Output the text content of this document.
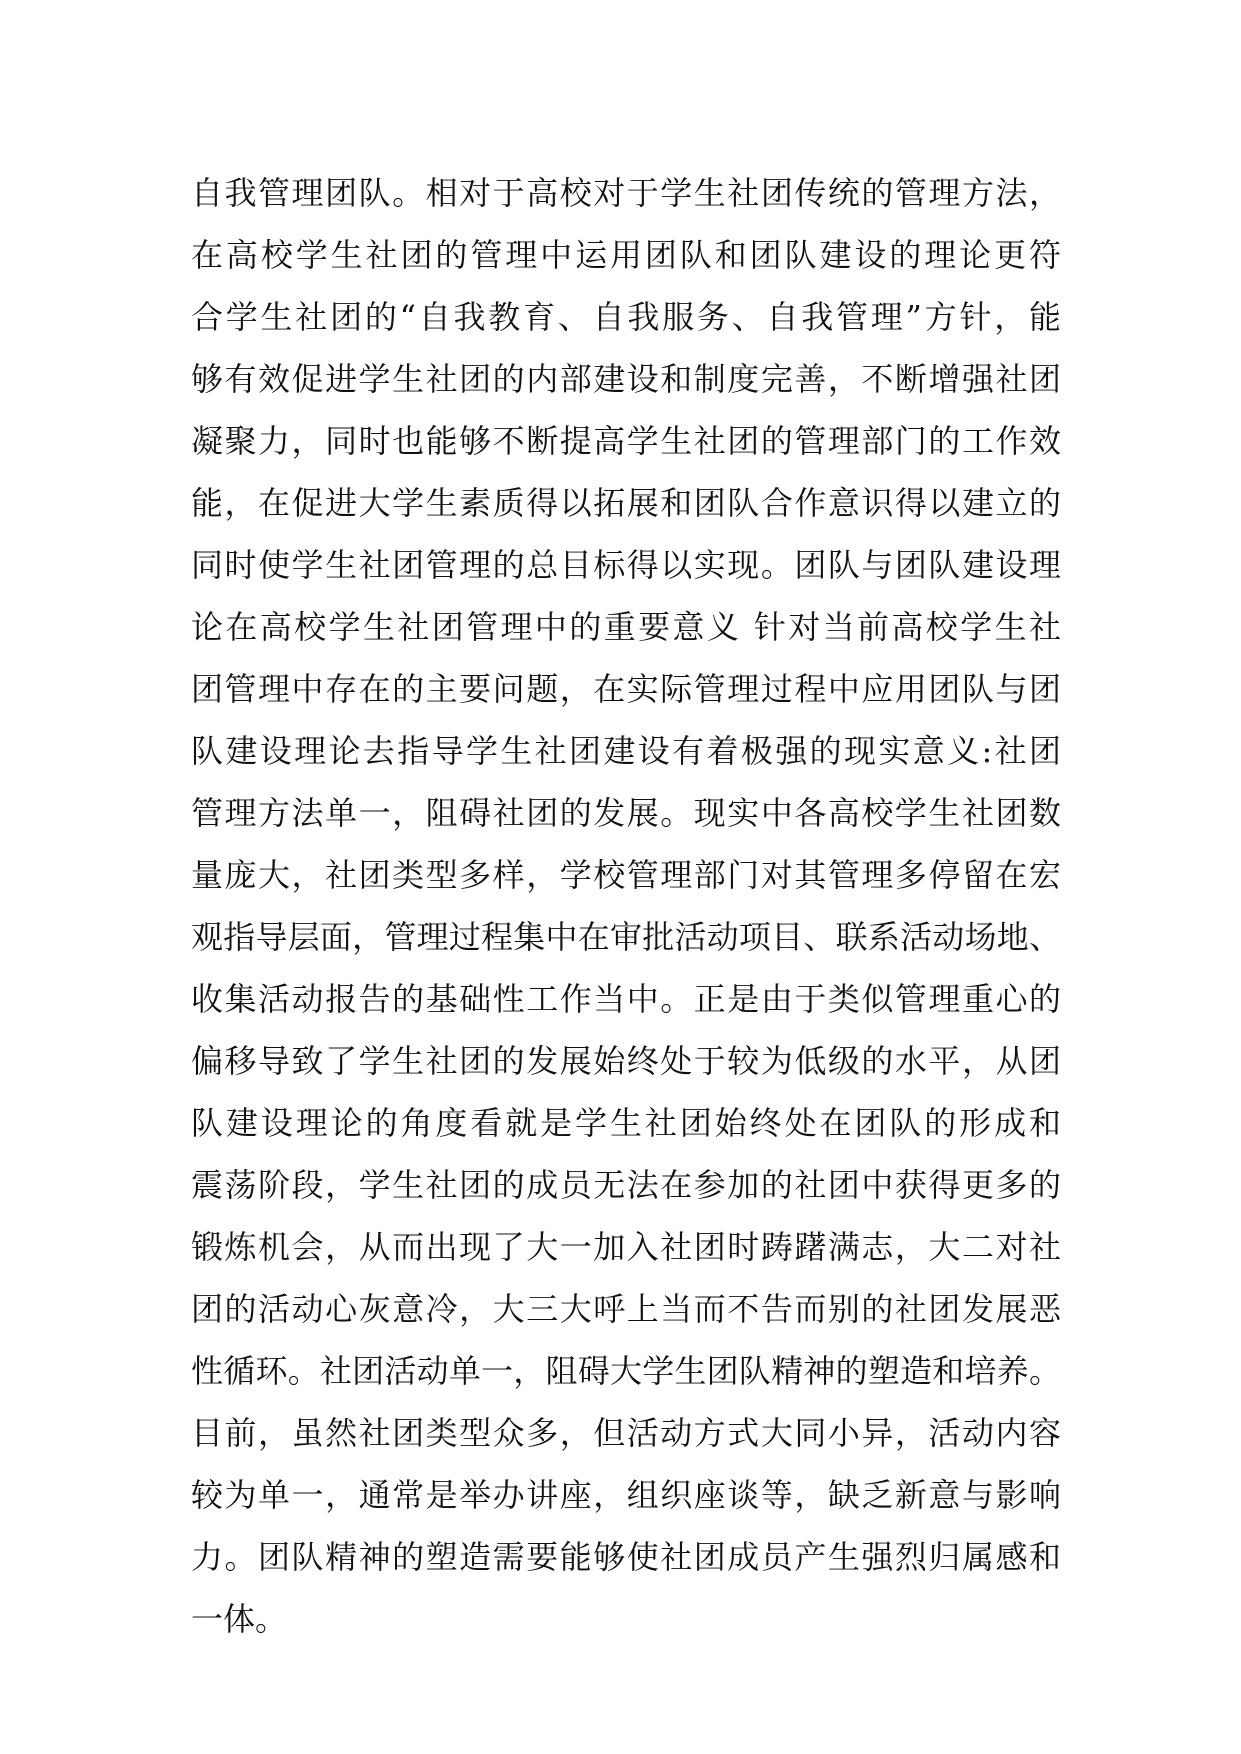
自我管理团队。相对于高校对于学生社团传统的管理方法，
在高校学生社团的管理中运用团队和团队建设的理论更符
合学生社团的“自我教育、自我服务、自我管理”方针，能
够有效促进学生社团的内部建设和制度完善，不断增强社团
凝聚力，同时也能够不断提高学生社团的管理部门的工作效
能，在促进大学生素质得以拓展和团队合作意识得以建立的
同时使学生社团管理的总目标得以实现。团队与团队建设理
论在高校学生社团管理中的重要意义 针对当前高校学生社
团管理中存在的主要问题，在实际管理过程中应用团队与团
队建设理论去指导学生社团建设有着极强的现实意义:社团
管理方法单一，阻碍社团的发展。现实中各高校学生社团数
量庞大，社团类型多样，学校管理部门对其管理多停留在宏
观指导层面，管理过程集中在审批活动项目、联系活动场地、
收集活动报告的基础性工作当中。正是由于类似管理重心的
偏移导致了学生社团的发展始终处于较为低级的水平，从团
队建设理论的角度看就是学生社团始终处在团队的形成和
震荡阶段，学生社团的成员无法在参加的社团中获得更多的
锻炼机会，从而出现了大一加入社团时踌躇满志，大二对社
团的活动心灰意冷，大三大呼上当而不告而别的社团发展恶
性循环。社团活动单一，阻碍大学生团队精神的塑造和培养。
目前，虽然社团类型众多，但活动方式大同小异，活动内容
较为单一，通常是举办讲座，组织座谈等，缺乏新意与影响
力。团队精神的塑造需要能够使社团成员产生强烈归属感和
一体。
